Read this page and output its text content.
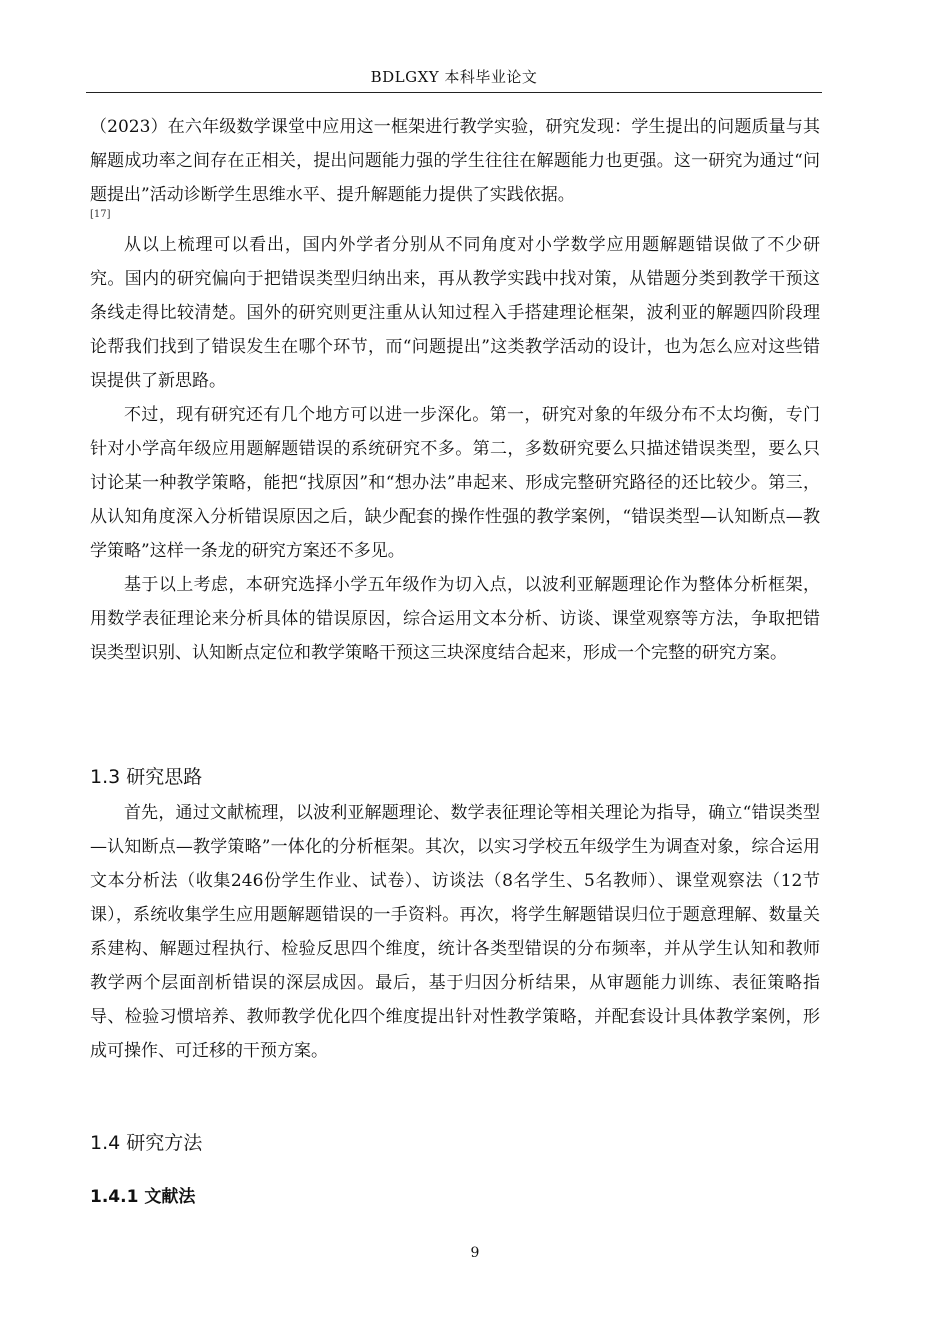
BDLGXY 本科毕业论文

（2023）在六年级数学课堂中应用这一框架进行教学实验，研究发现：学生提出的问题质量与其解题成功率之间存在正相关，提出问题能力强的学生往往在解题能力也更强。这一研究为通过“问题提出”活动诊断学生思维水平、提升解题能力提供了实践依据。
[17]

从以上梳理可以看出，国内外学者分别从不同角度对小学数学应用题解题错误做了不少研究。国内的研究偏向于把错误类型归纳出来，再从教学实践中找对策，从错题分类到教学干预这条线走得比较清楚。国外的研究则更注重从认知过程入手搭建理论框架，波利亚的解题四阶段理论帮我们找到了错误发生在哪个环节，而“问题提出”这类教学活动的设计，也为怎么应对这些错误提供了新思路。

不过，现有研究还有几个地方可以进一步深化。第一，研究对象的年级分布不太均衡，专门针对小学高年级应用题解题错误的系统研究不多。第二，多数研究要么只描述错误类型，要么只讨论某一种教学策略，能把“找原因”和“想办法”串起来、形成完整研究路径的还比较少。第三，从认知角度深入分析错误原因之后，缺少配套的操作性强的教学案例，“错误类型—认知断点—教学策略”这样一条龙的研究方案还不多见。

基于以上考虑，本研究选择小学五年级作为切入点，以波利亚解题理论作为整体分析框架，用数学表征理论来分析具体的错误原因，综合运用文本分析、访谈、课堂观察等方法，争取把错误类型识别、认知断点定位和教学策略干预这三块深度结合起来，形成一个完整的研究方案。

1.3 研究思路

首先，通过文献梳理，以波利亚解题理论、数学表征理论等相关理论为指导，确立“错误类型—认知断点—教学策略”一体化的分析框架。其次，以实习学校五年级学生为调查对象，综合运用文本分析法（收集246份学生作业、试卷）、访谈法（8名学生、5名教师）、课堂观察法（12节课），系统收集学生应用题解题错误的一手资料。再次，将学生解题错误归位于题意理解、数量关系建构、解题过程执行、检验反思四个维度，统计各类型错误的分布频率，并从学生认知和教师教学两个层面剖析错误的深层成因。最后，基于归因分析结果，从审题能力训练、表征策略指导、检验习惯培养、教师教学优化四个维度提出针对性教学策略，并配套设计具体教学案例，形成可操作、可迁移的干预方案。

1.4 研究方法
1.4.1 文献法
9
